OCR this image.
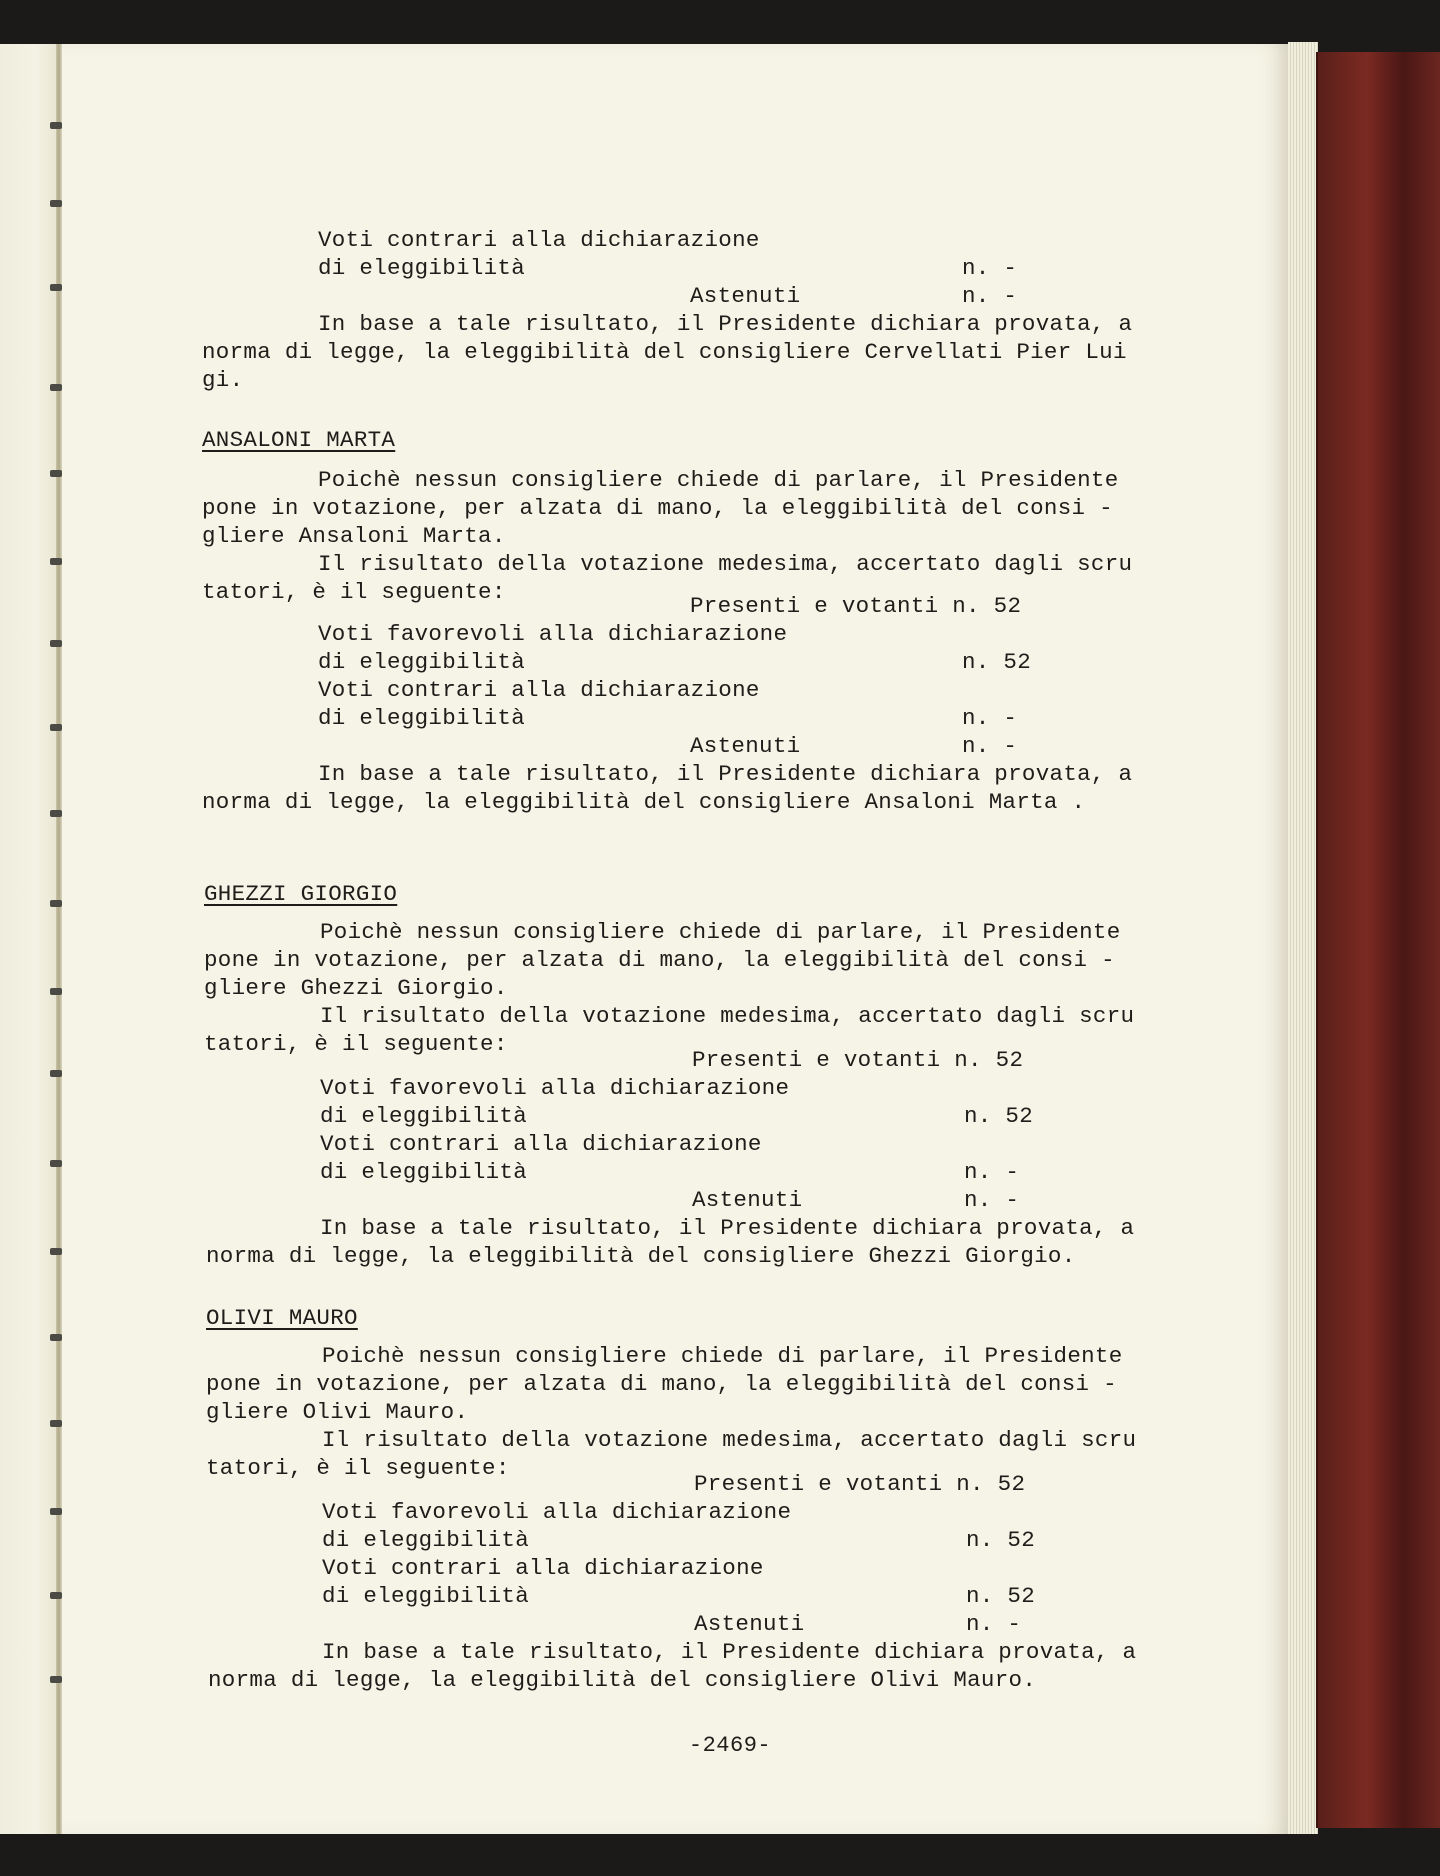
Voti contrari alla dichiarazione
di eleggibilità	n. -
Astenuti	n. -
In base a tale risultato, il Presidente dichiara provata, a
norma di legge, la eleggibilità del consigliere Cervellati Pier Lui
gi.
ANSALONI MARTA
Poichè nessun consigliere chiede di parlare, il Presidente
pone in votazione, per alzata di mano, la eleggibilità del consi -
gliere Ansaloni Marta.
Il risultato della votazione medesima, accertato dagli scru
tatori, è il seguente:
Presenti e votanti n. 52
Voti favorevoli alla dichiarazione
di eleggibilità	n. 52
Voti contrari alla dichiarazione
di eleggibilità	n. -
Astenuti	n. -
In base a tale risultato, il Presidente dichiara provata, a
norma di legge, la eleggibilità del consigliere Ansaloni Marta .
GHEZZI GIORGIO
Poichè nessun consigliere chiede di parlare, il Presidente
pone in votazione, per alzata di mano, la eleggibilità del consi -
gliere Ghezzi Giorgio.
Il risultato della votazione medesima, accertato dagli scru
tatori, è il seguente:
Presenti e votanti n. 52
Voti favorevoli alla dichiarazione
di eleggibilità	n. 52
Voti contrari alla dichiarazione
di eleggibilità	n. -
Astenuti	n. -
In base a tale risultato, il Presidente dichiara provata, a
norma di legge, la eleggibilità del consigliere Ghezzi Giorgio.
OLIVI MAURO
Poichè nessun consigliere chiede di parlare, il Presidente
pone in votazione, per alzata di mano, la eleggibilità del consi -
gliere Olivi Mauro.
Il risultato della votazione medesima, accertato dagli scru
tatori, è il seguente:
Presenti e votanti n. 52
Voti favorevoli alla dichiarazione
di eleggibilità	n. 52
Voti contrari alla dichiarazione
di eleggibilità	n. 52
Astenuti	n. -
In base a tale risultato, il Presidente dichiara provata, a
norma di legge, la eleggibilità del consigliere Olivi Mauro.
-2469-
